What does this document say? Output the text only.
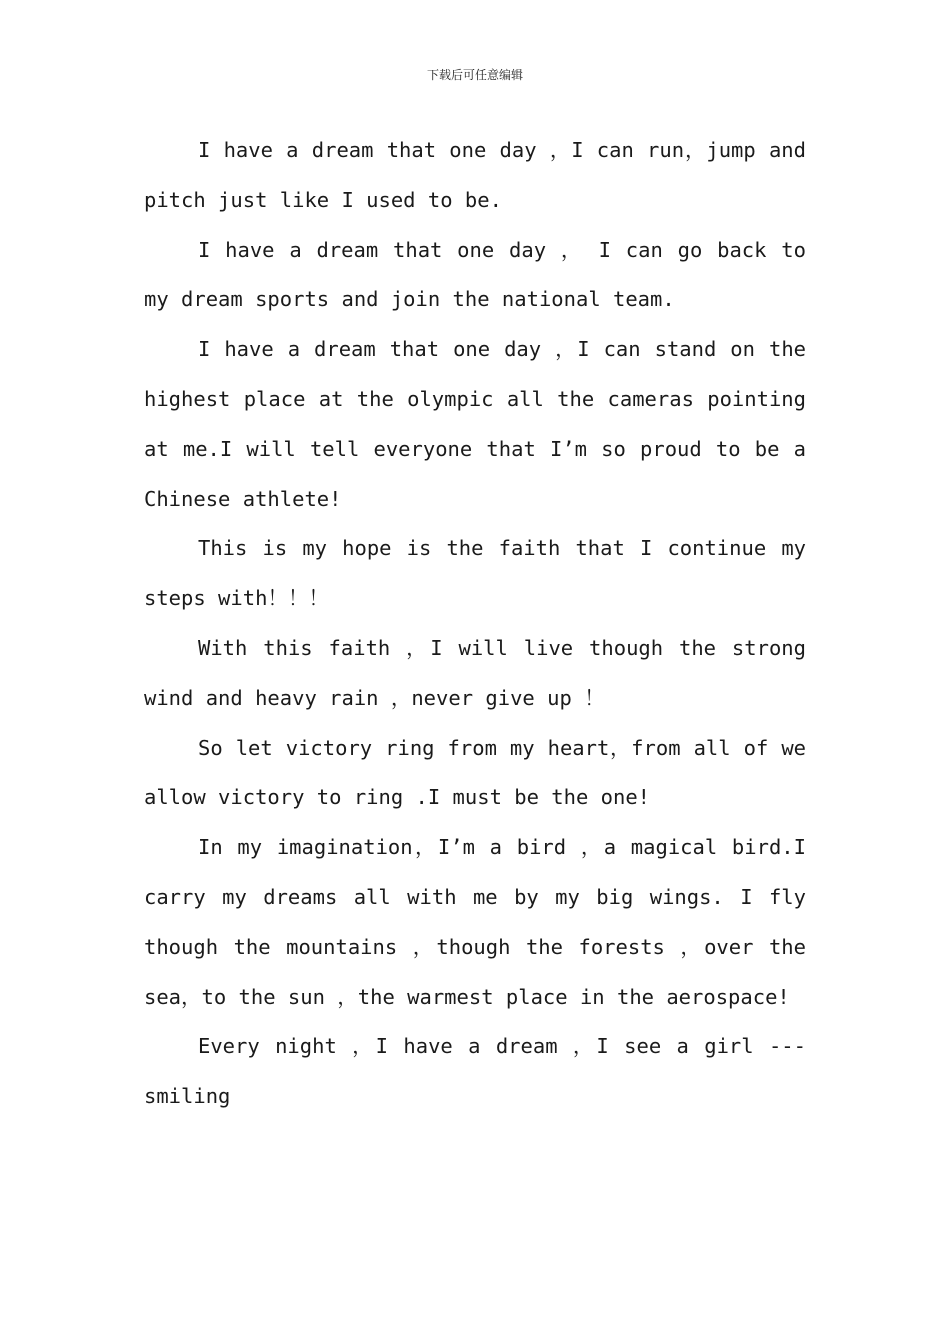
下载后可任意编辑

I have a dream that one day ，I can run，jump and pitch just like I used to be.

I have a dream that one day ， I can go back to my dream sports and join the national team.

I have a dream that one day ，I can stand on the highest place at the olympic all the cameras pointing at me.I will tell everyone that I’m so proud to be a Chinese athlete!

This is my hope is the faith that I continue my steps with！！！

With this faith ，I will live though the strong wind and heavy rain ，never give up ！

So let victory ring from my heart，from all of we allow victory to ring .I must be the one!

In my imagination，I’m a bird ，a magical bird.I carry my dreams all with me by my big wings. I fly though the mountains ，though the forests ，over the sea，to the sun ，the warmest place in the aerospace!

Every night ，I have a dream ，I see a girl --- smiling
